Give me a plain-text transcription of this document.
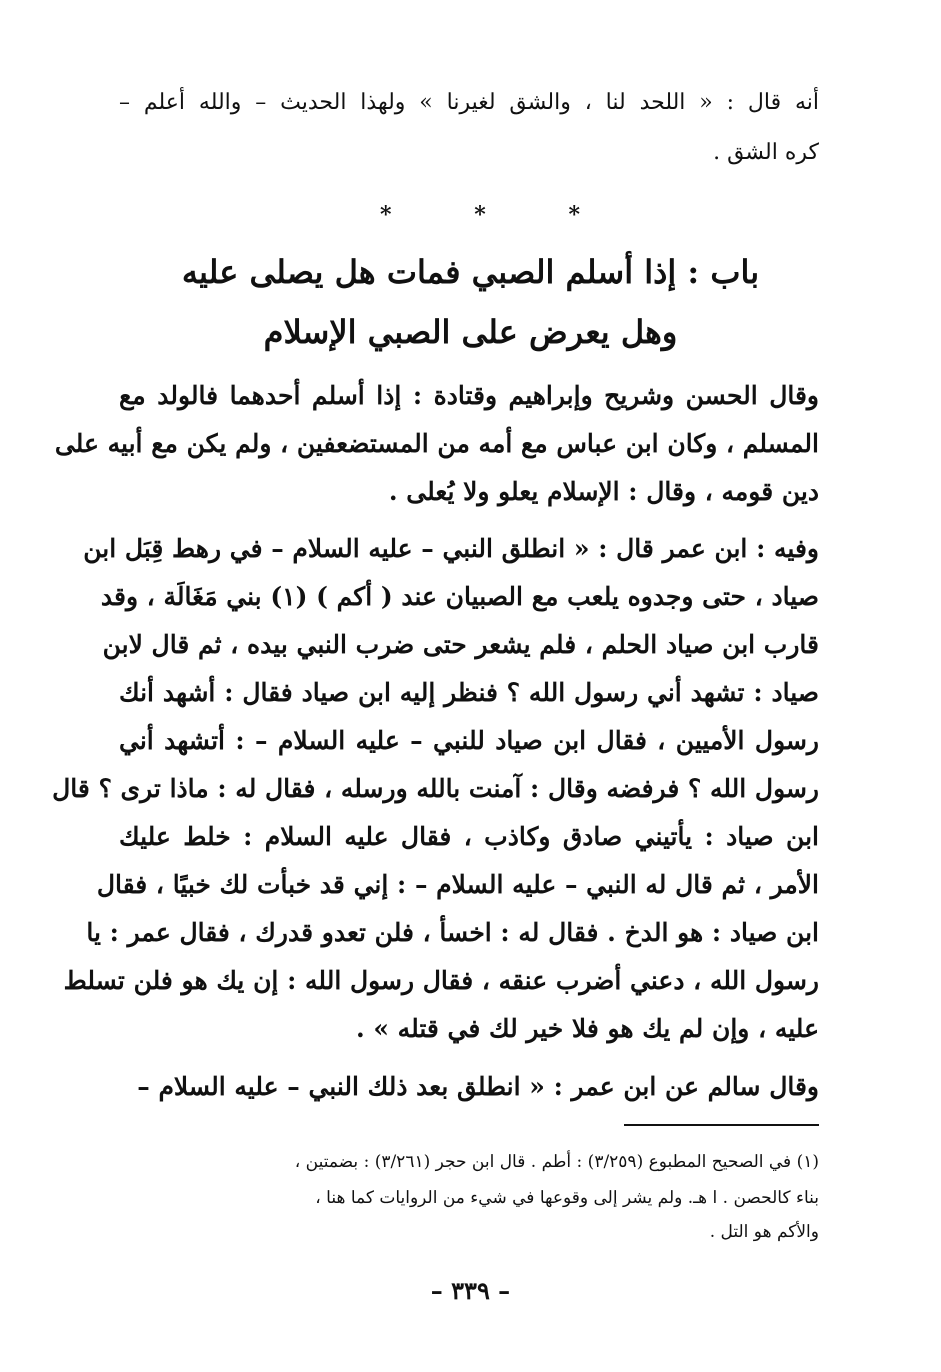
أنه قال : « اللحد لنا ، والشق لغيرنا » ولهذا الحديث – والله أعلم –
كره الشق .
*	*	*
باب : إذا أسلم الصبي فمات هل يصلى عليه
وهل يعرض على الصبي الإسلام
وقال الحسن وشريح وإبراهيم وقتادة : إذا أسلم أحدهما فالولد مع
المسلم ، وكان ابن عباس مع أمه من المستضعفين ، ولم يكن مع أبيه على
دين قومه ، وقال : الإسلام يعلو ولا يُعلى .
وفيه : ابن عمر قال : « انطلق النبي – عليه السلام – في رهط قِبَل ابن
صياد ، حتى وجدوه يلعب مع الصبيان عند ( أكم ) (١) بني مَغَالَة ، وقد
قارب ابن صياد الحلم ، فلم يشعر حتى ضرب النبي بيده ، ثم قال لابن
صياد : تشهد أني رسول الله ؟ فنظر إليه ابن صياد فقال : أشهد أنك
رسول الأميين ، فقال ابن صياد للنبي – عليه السلام – : أتشهد أني
رسول الله ؟ فرفضه وقال : آمنت بالله ورسله ، فقال له : ماذا ترى ؟ قال
ابن صياد : يأتيني صادق وكاذب ، فقال عليه السلام : خلط عليك
الأمر ، ثم قال له النبي – عليه السلام – : إني قد خبأت لك خبيًا ، فقال
ابن صياد : هو الدخ . فقال له : اخسأ ، فلن تعدو قدرك ، فقال عمر : يا
رسول الله ، دعني أضرب عنقه ، فقال رسول الله : إن يك هو فلن تسلط
عليه ، وإن لم يك هو فلا خير لك في قتله » .
وقال سالم عن ابن عمر : « انطلق بعد ذلك النبي – عليه السلام –
(١) في الصحيح المطبوع (٣/٢٥٩) : أطم . قال ابن حجر (٣/٢٦١) : بضمتين ،
بناء كالحصن . ا هـ. ولم يشر إلى وقوعها في شيء من الروايات كما هنا ،
والأكم هو التل .
– ٣٣٩ –
